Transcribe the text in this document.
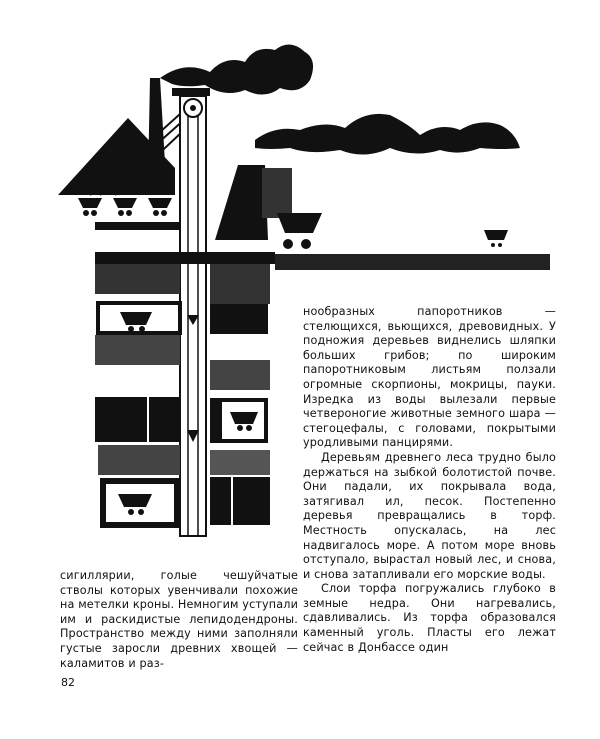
нообразных папоротников — стелющихся, вьющихся, древовидных. У подножия деревьев виднелись шляпки больших грибов; по широким папоротниковым листьям ползали огромные скорпионы, мокрицы, пауки. Изредка из воды вылезали первые четвероногие животные земного шара — стегоцефалы, с головами, покрытыми уродливыми панцирями.

Деревьям древнего леса трудно было держаться на зыбкой болотистой почве. Они падали, их покрывала вода, затягивал ил, песок. Постепенно деревья превращались в торф. Местность опускалась, на лес надвигалось море. А потом море вновь отступало, вырастал новый лес, и снова, и снова затапливали его морские воды.

Слои торфа погружались глубоко в земные недра. Они нагревались, сдавливались. Из торфа образовался каменный уголь. Пласты его лежат сейчас в Донбассе один

сигиллярии, голые чешуйчатые стволы которых увенчивали похожие на метелки кроны. Немногим уступали им и раскидистые лепидодендроны. Пространство между ними заполняли густые заросли древних хвощей — каламитов и раз-

82
